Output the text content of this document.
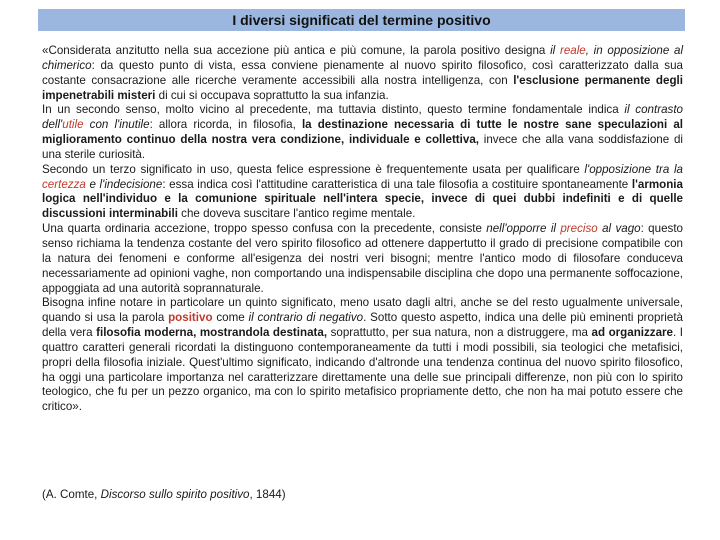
I diversi significati del termine positivo

«Considerata anzitutto nella sua accezione più antica e più comune, la parola positivo designa il reale, in opposizione al chimerico: da questo punto di vista, essa conviene pienamente al nuovo spirito filosofico, così caratterizzato dalla sua costante consacrazione alle ricerche veramente accessibili alla nostra intelligenza, con l'esclusione permanente degli impenetrabili misteri di cui si occupava soprattutto la sua infanzia.

In un secondo senso, molto vicino al precedente, ma tuttavia distinto, questo termine fondamentale indica il contrasto dell'utile con l'inutile: allora ricorda, in filosofia, la destinazione necessaria di tutte le nostre sane speculazioni al miglioramento continuo della nostra vera condizione, individuale e collettiva, invece che alla vana soddisfazione di una sterile curiosità.

Secondo un terzo significato in uso, questa felice espressione è frequentemente usata per qualificare l'opposizione tra la certezza e l'indecisione: essa indica così l'attitudine caratteristica di una tale filosofia a costituire spontaneamente l'armonia logica nell'individuo e la comunione spirituale nell'intera specie, invece di quei dubbi indefiniti e di quelle discussioni interminabili che doveva suscitare l'antico regime mentale.

Una quarta ordinaria accezione, troppo spesso confusa con la precedente, consiste nell'opporre il preciso al vago: questo senso richiama la tendenza costante del vero spirito filosofico ad ottenere dappertutto il grado di precisione compatibile con la natura dei fenomeni e conforme all'esigenza dei nostri veri bisogni; mentre l'antico modo di filosofare conduceva necessariamente ad opinioni vaghe, non comportando una indispensabile disciplina che dopo una permanente soffocazione, appoggiata ad una autorità soprannaturale.

Bisogna infine notare in particolare un quinto significato, meno usato dagli altri, anche se del resto ugualmente universale, quando si usa la parola positivo come il contrario di negativo. Sotto questo aspetto, indica una delle più eminenti proprietà della vera filosofia moderna, mostrandola destinata, soprattutto, per sua natura, non a distruggere, ma ad organizzare. I quattro caratteri generali ricordati la distinguono contemporaneamente da tutti i modi possibili, sia teologici che metafisici, propri della filosofia iniziale. Quest'ultimo significato, indicando d'altronde una tendenza continua del nuovo spirito filosofico, ha oggi una particolare importanza nel caratterizzare direttamente una delle sue principali differenze, non più con lo spirito teologico, che fu per un pezzo organico, ma con lo spirito metafisico propriamente detto, che non ha mai potuto essere che critico».

(A. Comte, Discorso sullo spirito positivo, 1844)
